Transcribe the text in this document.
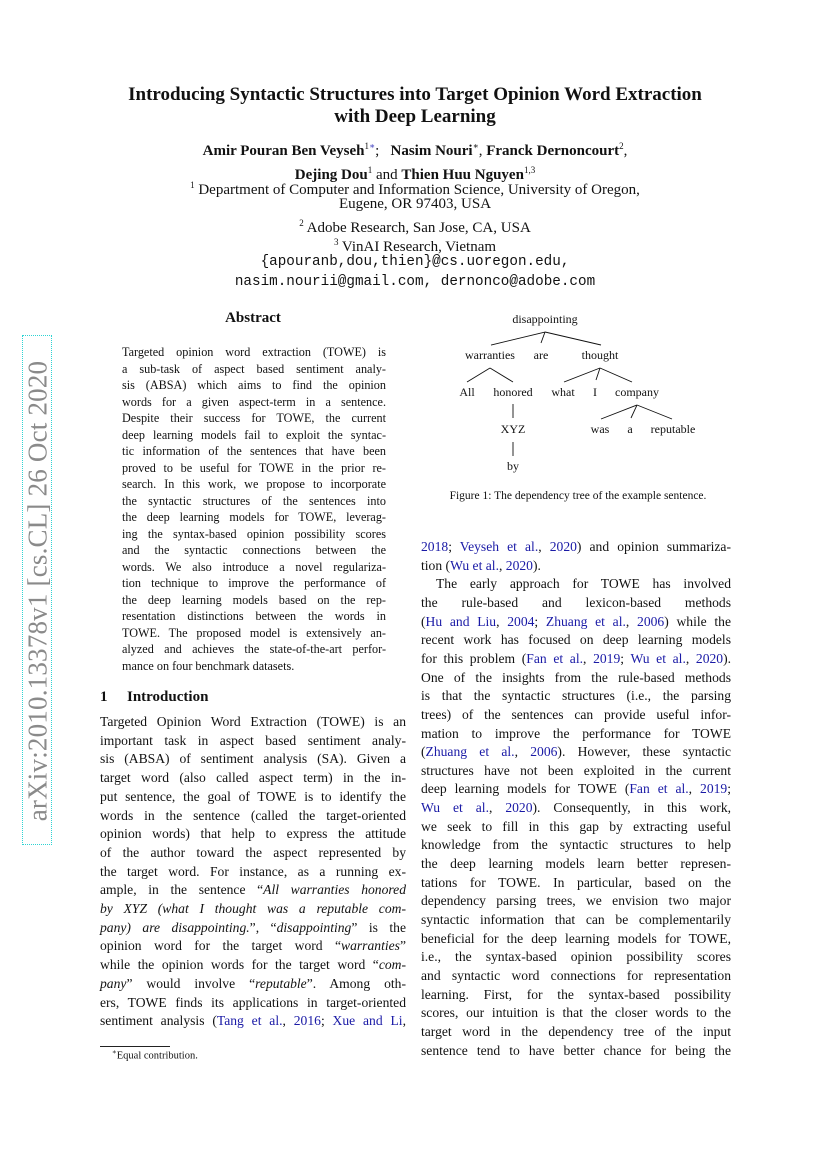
arXiv:2010.13378v1 [cs.CL] 26 Oct 2020
Introducing Syntactic Structures into Target Opinion Word Extraction
with Deep Learning
Amir Pouran Ben Veyseh$^{1∗}$;   Nasim Nouri∗, Franck Dernoncourt$^2$,
Dejing Dou$^1$ and Thien Huu Nguyen$^{1,3}$
$^1$ Department of Computer and Information Science, University of Oregon,
Eugene, OR 97403, USA
$^2$ Adobe Research, San Jose, CA, USA
$^3$ VinAI Research, Vietnam
{apouranb,dou,thien}@cs.uoregon.edu,
nasim.nourii@gmail.com, dernonco@adobe.com
Abstract
Targeted opinion word extraction (TOWE) is
a sub-task of aspect based sentiment analy-
sis (ABSA) which aims to find the opinion
words for a given aspect-term in a sentence.
Despite their success for TOWE, the current
deep learning models fail to exploit the syntac-
tic information of the sentences that have been
proved to be useful for TOWE in the prior re-
search. In this work, we propose to incorporate
the syntactic structures of the sentences into
the deep learning models for TOWE, leverag-
ing the syntax-based opinion possibility scores
and the syntactic connections between the
words. We also introduce a novel regulariza-
tion technique to improve the performance of
the deep learning models based on the rep-
resentation distinctions between the words in
TOWE. The proposed model is extensively an-
alyzed and achieves the state-of-the-art perfor-
mance on four benchmark datasets.
1 Introduction
Targeted Opinion Word Extraction (TOWE) is an
important task in aspect based sentiment analy-
sis (ABSA) of sentiment analysis (SA). Given a
target word (also called aspect term) in the in-
put sentence, the goal of TOWE is to identify the
words in the sentence (called the target-oriented
opinion words) that help to express the attitude
of the author toward the aspect represented by
the target word. For instance, as a running ex-
ample, in the sentence “All warranties honored
by XYZ (what I thought was a reputable com-
pany) are disappointing.”, “disappointing” is the
opinion word for the target word “warranties”
while the opinion words for the target word “com-
pany” would involve “reputable”. Among oth-
ers, TOWE finds its applications in target-oriented
sentiment analysis (Tang et al., 2016; Xue and Li,
∗Equal contribution.
disappointing
warranties are	thought
All honored what I company
XYZ	was a reputable
by
Figure 1: The dependency tree of the example sentence.
2018; Veyseh et al., 2020) and opinion summariza-
tion (Wu et al., 2020).
The early approach for TOWE has involved
the rule-based and lexicon-based methods
(Hu and Liu, 2004; Zhuang et al., 2006) while the
recent work has focused on deep learning models
for this problem (Fan et al., 2019; Wu et al., 2020).
One of the insights from the rule-based methods
is that the syntactic structures (i.e., the parsing
trees) of the sentences can provide useful infor-
mation to improve the performance for TOWE
(Zhuang et al., 2006). However, these syntactic
structures have not been exploited in the current
deep learning models for TOWE (Fan et al., 2019;
Wu et al., 2020). Consequently, in this work,
we seek to fill in this gap by extracting useful
knowledge from the syntactic structures to help
the deep learning models learn better represen-
tations for TOWE. In particular, based on the
dependency parsing trees, we envision two major
syntactic information that can be complementarily
beneficial for the deep learning models for TOWE,
i.e., the syntax-based opinion possibility scores
and syntactic word connections for representation
learning. First, for the syntax-based possibility
scores, our intuition is that the closer words to the
target word in the dependency tree of the input
sentence tend to have better chance for being the
